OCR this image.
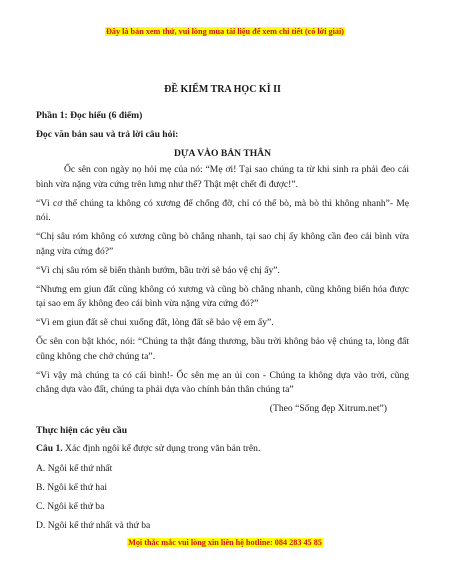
Đây là bản xem thử, vui lòng mua tài liệu để xem chi tiết (có lời giải)
ĐỀ KIỂM TRA HỌC KÌ II
Phần 1: Đọc hiểu (6 điểm)
Đọc văn bản sau và trả lời câu hỏi:
DỰA VÀO BẢN THÂN

Ốc sên con ngày nọ hỏi mẹ của nó: “Mẹ ơi! Tại sao chúng ta từ khi sinh ra phải đeo cái bình vừa nặng vừa cứng trên lưng như thế? Thật mệt chết đi được!”.

“Vì cơ thể chúng ta không có xương để chống đỡ, chỉ có thể bò, mà bò thì không nhanh”- Mẹ nói.

“Chị sâu róm không có xương cũng bò chẳng nhanh, tại sao chị ấy không cần đeo cái bình vừa nặng vừa cứng đó?”

“Vì chị sâu róm sẽ biến thành bướm, bầu trời sẽ bảo vệ chị ấy”.

“Nhưng em giun đất cũng không có xương và cũng bò chẳng nhanh, cũng không biến hóa được tại sao em ấy không đeo cái bình vừa nặng vừa cứng đó?”

“Vì em giun đất sẽ chui xuống đất, lòng đất sẽ bảo vệ em ấy”.

Ốc sên con bật khóc, nói: “Chúng ta thật đáng thương, bầu trời không bảo vệ chúng ta, lòng đất cũng không che chở chúng ta”.

“Vì vậy mà chúng ta có cái bình!- Ốc sên mẹ an ủi con - Chúng ta không dựa vào trời, cũng chẳng dựa vào đất, chúng ta phải dựa vào chính bản thân chúng ta”

(Theo “Sống đẹp Xitrum.net”)
Thực hiện các yêu cầu
Câu 1. Xác định ngôi kể được sử dụng trong văn bản trên.
A. Ngôi kể thứ nhất
B. Ngôi kể thứ hai
C. Ngôi kể thứ ba
D. Ngôi kể thứ nhất và thứ ba
Mọi thắc mắc vui lòng xin liên hệ hotline: 084 283 45 85
